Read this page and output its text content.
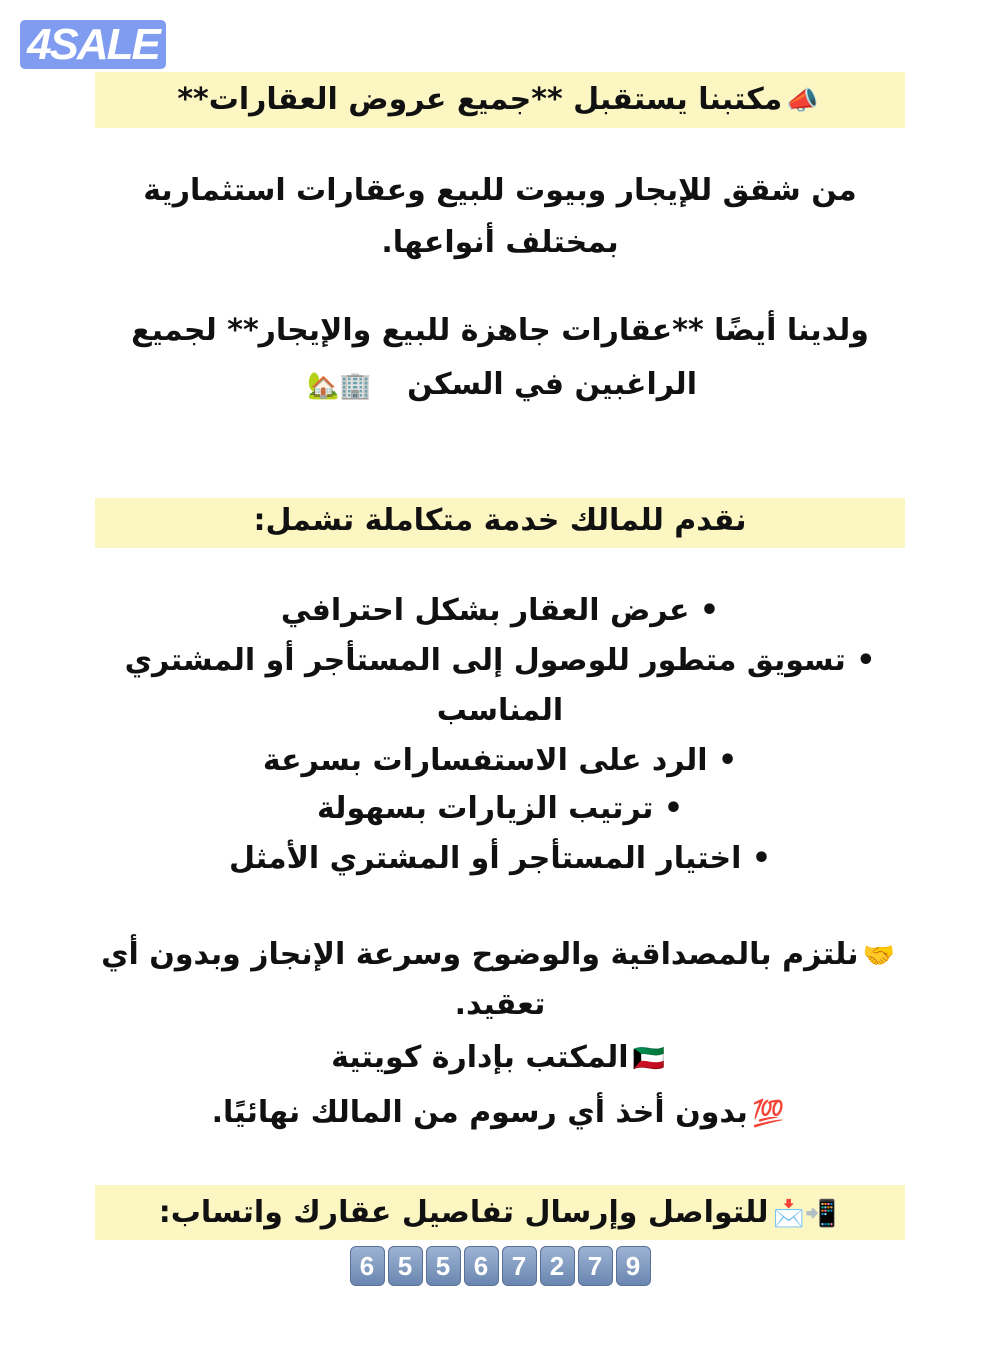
4SALE
📣مكتبنا يستقبل **جميع عروض العقارات**
من شقق للإيجار وبيوت للبيع وعقارات استثمارية
بمختلف أنواعها.
ولدينا أيضًا **عقارات جاهزة للبيع والإيجار** لجميع
الراغبين في السكن   🏢🏡
نقدم للمالك خدمة متكاملة تشمل:
• عرض العقار بشكل احترافي
• تسويق متطور للوصول إلى المستأجر أو المشتري
المناسب
• الرد على الاستفسارات بسرعة
• ترتيب الزيارات بسهولة
• اختيار المستأجر أو المشتري الأمثل
🤝نلتزم بالمصداقية والوضوح وسرعة الإنجاز وبدون أي
تعقيد.
🇰🇼المكتب بإدارة كويتية
💯بدون أخذ أي رسوم من المالك نهائيًا.
📲📩للتواصل وإرسال تفاصيل عقارك واتساب:
6 5 5 6 7 2 7 9
